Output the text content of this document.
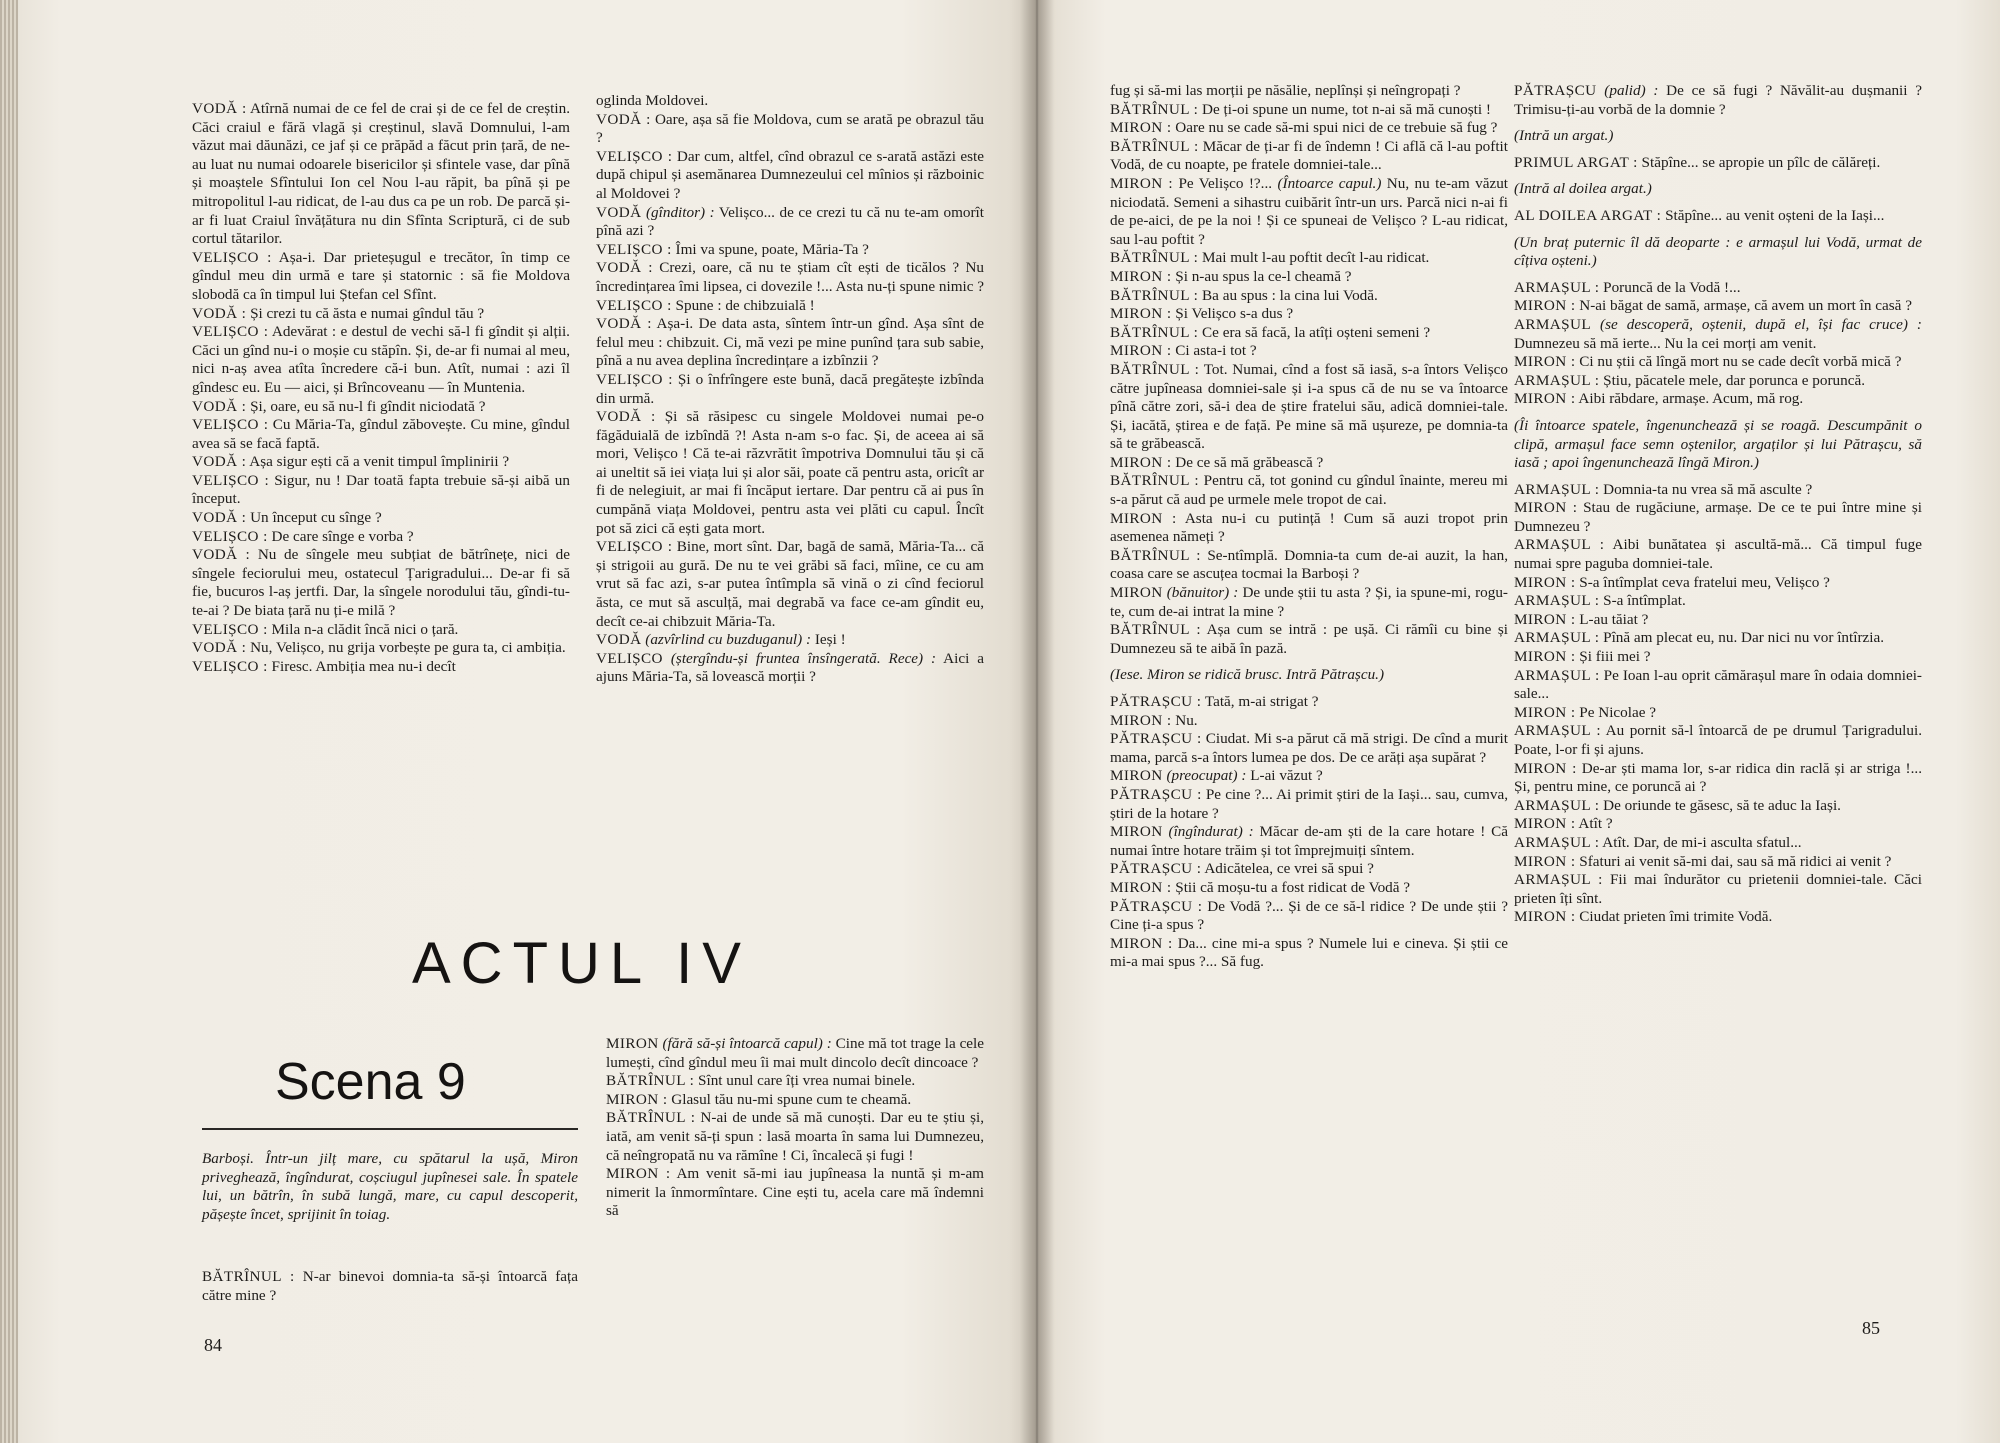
VODĂ : Atîrnă numai de ce fel de crai și de ce fel de creștin. Căci craiul e fără vlagă și creștinul, slavă Domnului, l-am văzut mai dăunăzi, ce jaf și ce prăpăd a făcut prin țară, de ne-au luat nu numai odoarele bisericilor și sfintele vase, dar pînă și moaștele Sfîntului Ion cel Nou l-au răpit, ba pînă și pe mitropolitul l-au ridicat, de l-au dus ca pe un rob. De parcă și-ar fi luat Craiul învățătura nu din Sfînta Scriptură, ci de sub cortul tătarilor.

VELIȘCO : Așa-i. Dar prieteșugul e trecător, în timp ce gîndul meu din urmă e tare și statornic : să fie Moldova slobodă ca în timpul lui Ștefan cel Sfînt.

VODĂ : Și crezi tu că ăsta e numai gîndul tău ?

VELIȘCO : Adevărat : e destul de vechi să-l fi gîndit și alții. Căci un gînd nu-i o moșie cu stăpîn. Și, de-ar fi numai al meu, nici n-aș avea atîta încredere că-i bun. Atît, numai : azi îl gîndesc eu. Eu — aici, și Brîncoveanu — în Muntenia.

VODĂ : Și, oare, eu să nu-l fi gîndit niciodată ?

VELIȘCO : Cu Măria-Ta, gîndul zăbovește. Cu mine, gîndul avea să se facă faptă.

VODĂ : Așa sigur ești că a venit timpul împlinirii ?

VELIȘCO : Sigur, nu ! Dar toată fapta trebuie să-și aibă un început.

VODĂ : Un început cu sînge ?

VELIȘCO : De care sînge e vorba ?

VODĂ : Nu de sîngele meu subțiat de bătrînețe, nici de sîngele feciorului meu, ostatecul Țarigradului... De-ar fi să fie, bucuros l-aș jertfi. Dar, la sîngele norodului tău, gîndi-tu-te-ai ? De biata țară nu ți-e milă ?

VELIȘCO : Mila n-a clădit încă nici o țară.

VODĂ : Nu, Velișco, nu grija vorbește pe gura ta, ci ambiția.

VELIȘCO : Firesc. Ambiția mea nu-i decît

oglinda Moldovei.

VODĂ : Oare, așa să fie Moldova, cum se arată pe obrazul tău ?

VELIȘCO : Dar cum, altfel, cînd obrazul ce s-arată astăzi este după chipul și asemănarea Dumnezeului cel mînios și războinic al Moldovei ?

VODĂ (gînditor) : Velișco... de ce crezi tu că nu te-am omorît pînă azi ?

VELIȘCO : Îmi va spune, poate, Măria-Ta ?

VODĂ : Crezi, oare, că nu te știam cît ești de ticălos ? Nu încredințarea îmi lipsea, ci dovezile !... Asta nu-ți spune nimic ?

VELIȘCO : Spune : de chibzuială !

VODĂ : Așa-i. De data asta, sîntem într-un gînd. Așa sînt de felul meu : chibzuit. Ci, mă vezi pe mine punînd țara sub sabie, pînă a nu avea deplina încredințare a izbînzii ?

VELIȘCO : Și o înfrîngere este bună, dacă pregătește izbînda din urmă.

VODĂ : Și să răsipesc cu singele Moldovei numai pe-o făgăduială de izbîndă ?! Asta n-am s-o fac. Și, de aceea ai să mori, Velișco ! Că te-ai răzvrătit împotriva Domnului tău și că ai uneltit să iei viața lui și alor săi, poate că pentru asta, oricît ar fi de nelegiuit, ar mai fi încăput iertare. Dar pentru că ai pus în cumpănă viața Moldovei, pentru asta vei plăti cu capul. Încît pot să zici că ești gata mort.

VELIȘCO : Bine, mort sînt. Dar, bagă de samă, Măria-Ta... că și strigoii au gură. De nu te vei grăbi să faci, mîine, ce cu am vrut să fac azi, s-ar putea întîmpla să vină o zi cînd feciorul ăsta, ce mut să asculță, mai degrabă va face ce-am gîndit eu, decît ce-ai chibzuit Măria-Ta.

VODĂ (azvîrlind cu buzduganul) : Ieși !

VELIȘCO (ștergîndu-și fruntea însîngerată. Rece) : Aici a ajuns Măria-Ta, să lovească morții ?

ACTUL IV
Scena 9

Barboși. Într-un jilț mare, cu spătarul la ușă, Miron priveghează, îngîndurat, coșciugul jupînesei sale. În spatele lui, un bătrîn, în subă lungă, mare, cu capul descoperit, pășește încet, sprijinit în toiag.

BĂTRÎNUL : N-ar binevoi domnia-ta să-și întoarcă fața către mine ?

MIRON (fără să-și întoarcă capul) : Cine mă tot trage la cele lumești, cînd gîndul meu îi mai mult dincolo decît dincoace ?

BĂTRÎNUL : Sînt unul care îți vrea numai binele.

MIRON : Glasul tău nu-mi spune cum te cheamă.

BĂTRÎNUL : N-ai de unde să mă cunoști. Dar eu te știu și, iată, am venit să-ți spun : lasă moarta în sama lui Dumnezeu, că neîngropată nu va rămîne ! Ci, încalecă și fugi !

MIRON : Am venit să-mi iau jupîneasa la nuntă și m-am nimerit la înmormîntare. Cine ești tu, acela care mă îndemni să

84

fug și să-mi las morții pe năsălie, neplînși și neîngropați ?

BĂTRÎNUL : De ți-oi spune un nume, tot n-ai să mă cunoști !

MIRON : Oare nu se cade să-mi spui nici de ce trebuie să fug ?

BĂTRÎNUL : Măcar de ți-ar fi de îndemn ! Ci află că l-au poftit Vodă, de cu noapte, pe fratele domniei-tale...

MIRON : Pe Velișco !?... (Întoarce capul.) Nu, nu te-am văzut niciodată. Semeni a sihastru cuibărit într-un urs. Parcă nici n-ai fi de pe-aici, de pe la noi ! Și ce spuneai de Velișco ? L-au ridicat, sau l-au poftit ?

BĂTRÎNUL : Mai mult l-au poftit decît l-au ridicat.

MIRON : Și n-au spus la ce-l cheamă ?

BĂTRÎNUL : Ba au spus : la cina lui Vodă.

MIRON : Și Velișco s-a dus ?

BĂTRÎNUL : Ce era să facă, la atîți oșteni semeni ?

MIRON : Ci asta-i tot ?

BĂTRÎNUL : Tot. Numai, cînd a fost să iasă, s-a întors Velișco către jupîneasa domniei-sale și i-a spus că de nu se va întoarce pînă către zori, să-i dea de știre fratelui său, adică domniei-tale. Și, iacătă, știrea e de față. Pe mine să mă ușureze, pe domnia-ta să te grăbească.

MIRON : De ce să mă grăbească ?

BĂTRÎNUL : Pentru că, tot gonind cu gîndul înainte, mereu mi s-a părut că aud pe urmele mele tropot de cai.

MIRON : Asta nu-i cu putință ! Cum să auzi tropot prin asemenea nămeți ?

BĂTRÎNUL : Se-ntîmplă. Domnia-ta cum de-ai auzit, la han, coasa care se ascuțea tocmai la Barboși ?

MIRON (bănuitor) : De unde știi tu asta ? Și, ia spune-mi, rogu-te, cum de-ai intrat la mine ?

BĂTRÎNUL : Așa cum se intră : pe ușă. Ci rămîi cu bine și Dumnezeu să te aibă în pază.

(Iese. Miron se ridică brusc. Intră Pătrașcu.)

PĂTRAȘCU : Tată, m-ai strigat ?

MIRON : Nu.

PĂTRAȘCU : Ciudat. Mi s-a părut că mă strigi. De cînd a murit mama, parcă s-a întors lumea pe dos. De ce arăți așa supărat ?

MIRON (preocupat) : L-ai văzut ?

PĂTRAȘCU : Pe cine ?... Ai primit știri de la Iași... sau, cumva, știri de la hotare ?

MIRON (îngîndurat) : Măcar de-am ști de la care hotare ! Că numai între hotare trăim și tot împrejmuiți sîntem.

PĂTRAȘCU : Adicătelea, ce vrei să spui ?

MIRON : Știi că moșu-tu a fost ridicat de Vodă ?

PĂTRAȘCU : De Vodă ?... Și de ce să-l ridice ? De unde știi ? Cine ți-a spus ?

MIRON : Da... cine mi-a spus ? Numele lui e cineva. Și știi ce mi-a mai spus ?... Să fug.

PĂTRAȘCU (palid) : De ce să fugi ? Năvălit-au dușmanii ? Trimisu-ți-au vorbă de la domnie ?

(Intră un argat.)

PRIMUL ARGAT : Stăpîne... se apropie un pîlc de călăreți.

(Intră al doilea argat.)

AL DOILEA ARGAT : Stăpîne... au venit oșteni de la Iași...

(Un braț puternic îl dă deoparte : e armașul lui Vodă, urmat de cîțiva oșteni.)

ARMAȘUL : Poruncă de la Vodă !...

MIRON : N-ai băgat de samă, armașe, că avem un mort în casă ?

ARMAȘUL (se descoperă, oștenii, după el, își fac cruce) : Dumnezeu să mă ierte... Nu la cei morți am venit.

MIRON : Ci nu știi că lîngă mort nu se cade decît vorbă mică ?

ARMAȘUL : Știu, păcatele mele, dar porunca e poruncă.

MIRON : Aibi răbdare, armașe. Acum, mă rog.

(Îi întoarce spatele, îngenunchează și se roagă. Descumpănit o clipă, armașul face semn oștenilor, argaților și lui Pătrașcu, să iasă ; apoi îngenunchează lîngă Miron.)

ARMAȘUL : Domnia-ta nu vrea să mă asculte ?

MIRON : Stau de rugăciune, armașe. De ce te pui între mine și Dumnezeu ?

ARMAȘUL : Aibi bunătatea și ascultă-mă... Că timpul fuge numai spre paguba domniei-tale.

MIRON : S-a întîmplat ceva fratelui meu, Velișco ?

ARMAȘUL : S-a întîmplat.

MIRON : L-au tăiat ?

ARMAȘUL : Pînă am plecat eu, nu. Dar nici nu vor întîrzia.

MIRON : Și fiii mei ?

ARMAȘUL : Pe Ioan l-au oprit cămărașul mare în odaia domniei-sale...

MIRON : Pe Nicolae ?

ARMAȘUL : Au pornit să-l întoarcă de pe drumul Țarigradului. Poate, l-or fi și ajuns.

MIRON : De-ar ști mama lor, s-ar ridica din raclă și ar striga !... Și, pentru mine, ce poruncă ai ?

ARMAȘUL : De oriunde te găsesc, să te aduc la Iași.

MIRON : Atît ?

ARMAȘUL : Atît. Dar, de mi-i asculta sfatul...

MIRON : Sfaturi ai venit să-mi dai, sau să mă ridici ai venit ?

ARMAȘUL : Fii mai îndurător cu prietenii domniei-tale. Căci prieten îți sînt.

MIRON : Ciudat prieten îmi trimite Vodă.

85
